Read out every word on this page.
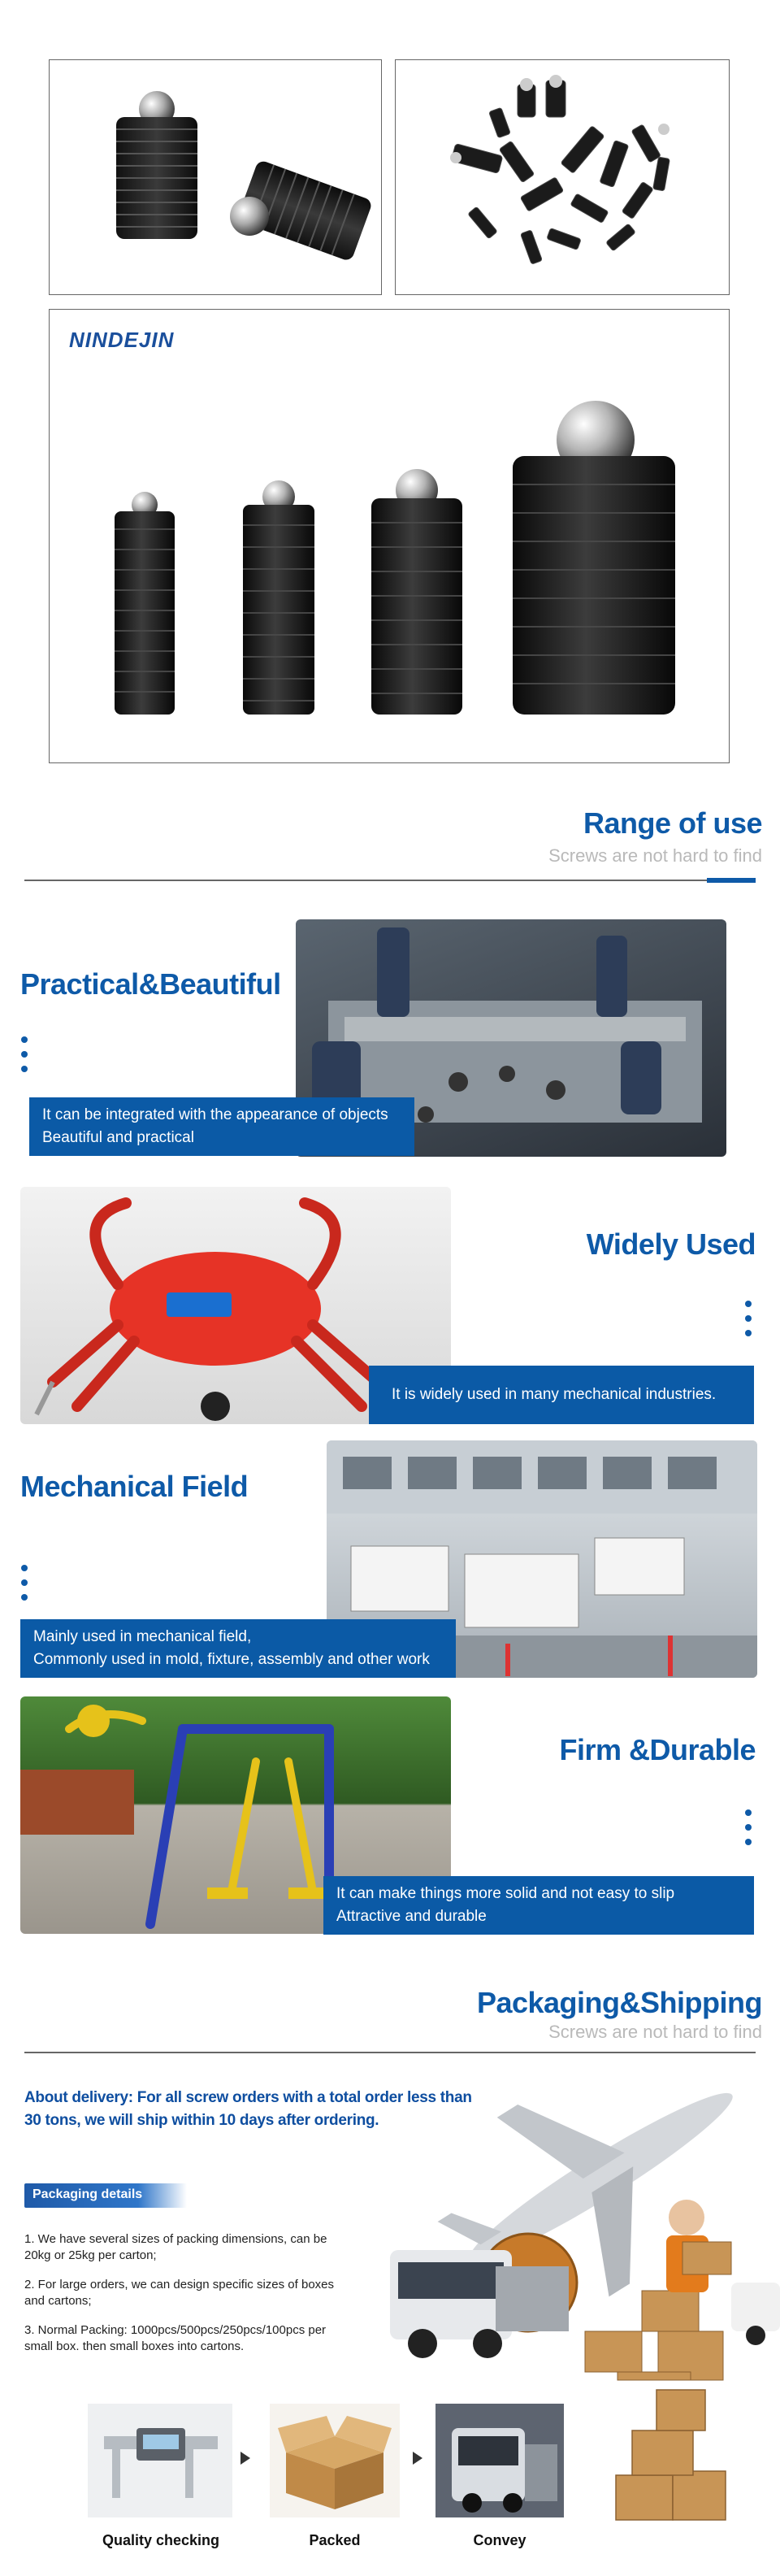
NINDEJIN
Range of use
Screws are not hard to find
Practical&Beautiful
It can be integrated with the appearance of objects
Beautiful and practical
Widely Used
It is widely used in many mechanical industries.
Mechanical Field
Mainly used in mechanical field,
Commonly used in mold, fixture, assembly and other work
Firm &Durable
It can make things more solid and not easy to slip
Attractive and durable
Packaging&Shipping
Screws are not hard to find
About delivery: For all screw orders with a total order less than
30 tons, we will ship within 10 days after ordering.
Packaging details
1. We have several sizes of packing dimensions, can be 20kg or 25kg per carton;
2. For large orders, we can design specific sizes of boxes and cartons;
3. Normal Packing: 1000pcs/500pcs/250pcs/100pcs per small box. then small boxes into cartons.
Quality checking	Packed	Convey
